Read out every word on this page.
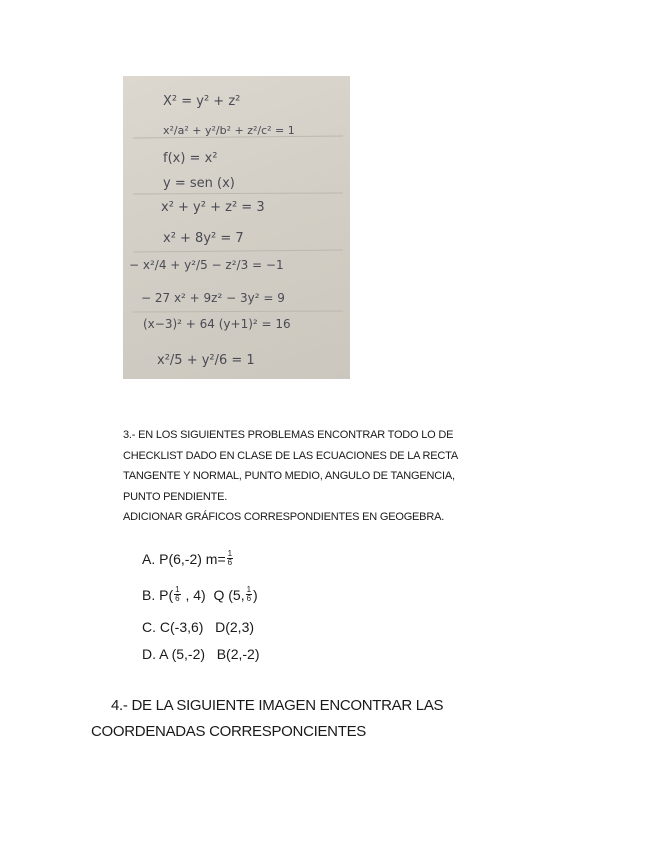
X² = y² + z²
x²/a² + y²/b² + z²/c² = 1
f(x) = x²
y = sen (x)
x² + y² + z² = 3
x² + 8y² = 7
− x²/4 + y²/5 − z²/3 = −1
− 27 x² + 9z² − 3y² = 9
(x−3)² + 64 (y+1)² = 16
x²/5 + y²/6 = 1
3.- EN LOS SIGUIENTES PROBLEMAS ENCONTRAR TODO LO DE
CHECKLIST DADO EN CLASE DE LAS ECUACIONES DE LA RECTA
TANGENTE Y NORMAL, PUNTO MEDIO, ANGULO DE TANGENCIA,
PUNTO PENDIENTE.
ADICIONAR GRÁFICOS CORRESPONDIENTES EN GEOGEBRA.
A. P(6,-2) $m= \frac{1}{6}$
B. $P( \frac{1}{6}$ , 4)  Q (5, $\frac{1}{6}$ )
C. C(-3,6)   D(2,3)
D. A (5,-2)   B(2,-2)
4.- DE LA SIGUIENTE IMAGEN ENCONTRAR LAS
COORDENADAS CORRESPONCIENTES
